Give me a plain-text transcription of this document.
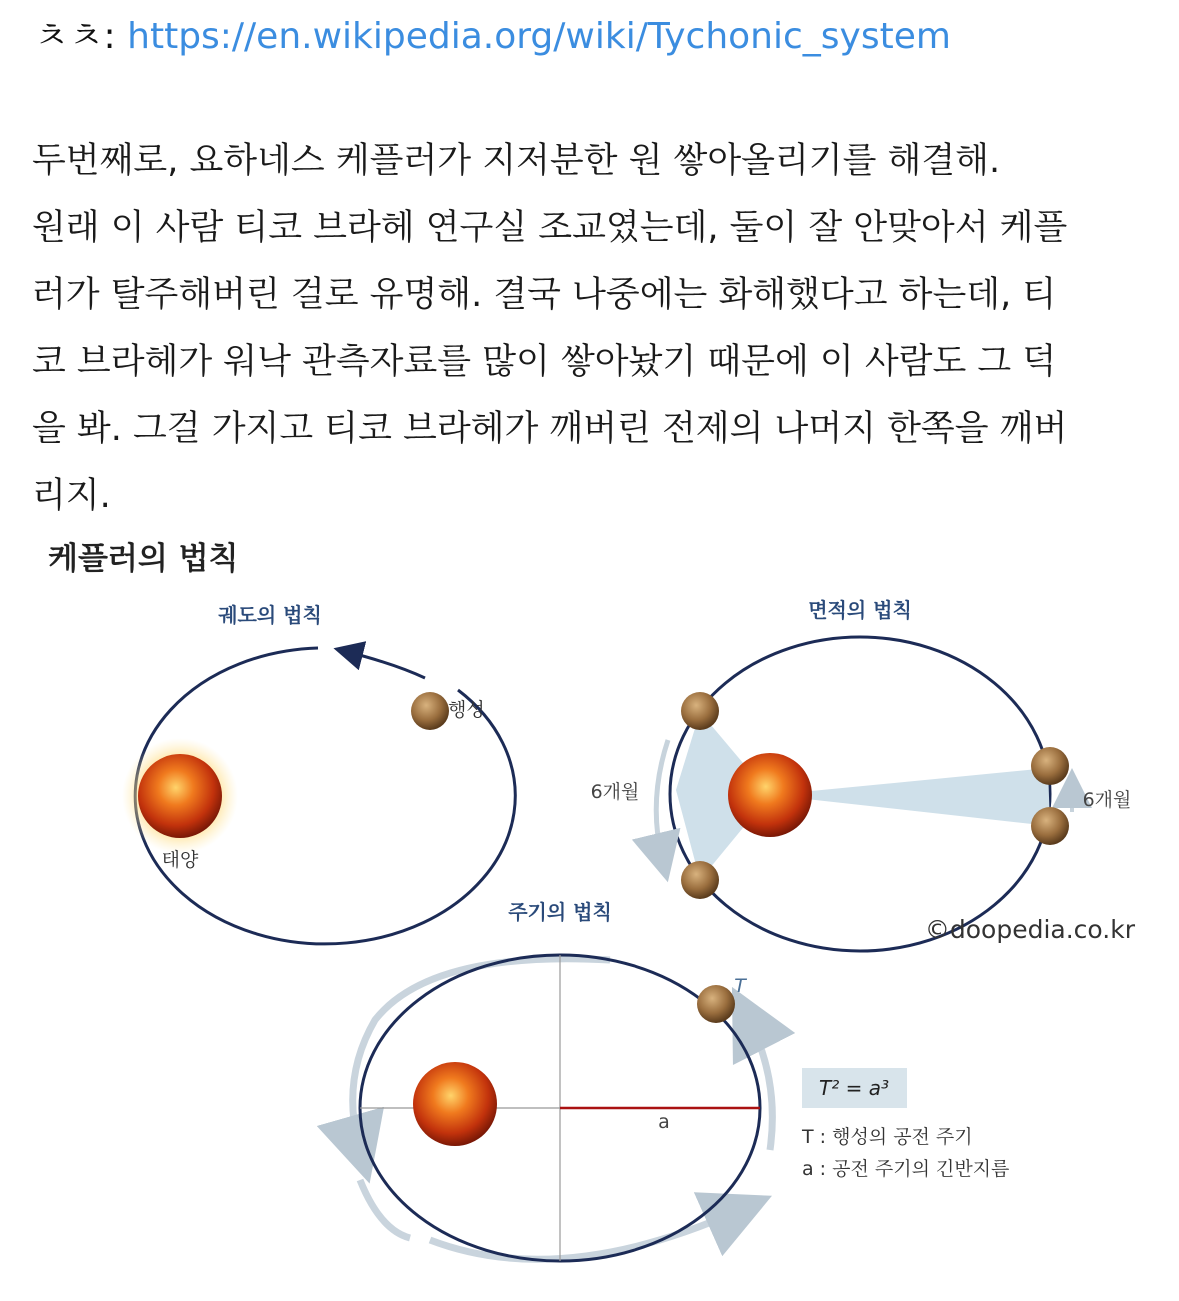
ㅊㅊ: https://en.wikipedia.org/wiki/Tychonic_system
두번째로, 요하네스 케플러가 지저분한 원 쌓아올리기를 해결해.
원래 이 사람 티코 브라헤 연구실 조교였는데, 둘이 잘 안맞아서 케플
러가 탈주해버린 걸로 유명해. 결국 나중에는 화해했다고 하는데, 티
코 브라헤가 워낙 관측자료를 많이 쌓아놨기 때문에 이 사람도 그 덕
을 봐. 그걸 가지고 티코 브라헤가 깨버린 전제의 나머지 한쪽을 깨버
리지.
케플러의 법칙
궤도의 법칙
태양
행성
면적의 법칙
6개월	6개월
©doopedia.co.kr
주기의 법칙
a
T
T² = a³
T : 행성의 공전 주기
a : 공전 주기의 긴반지름
